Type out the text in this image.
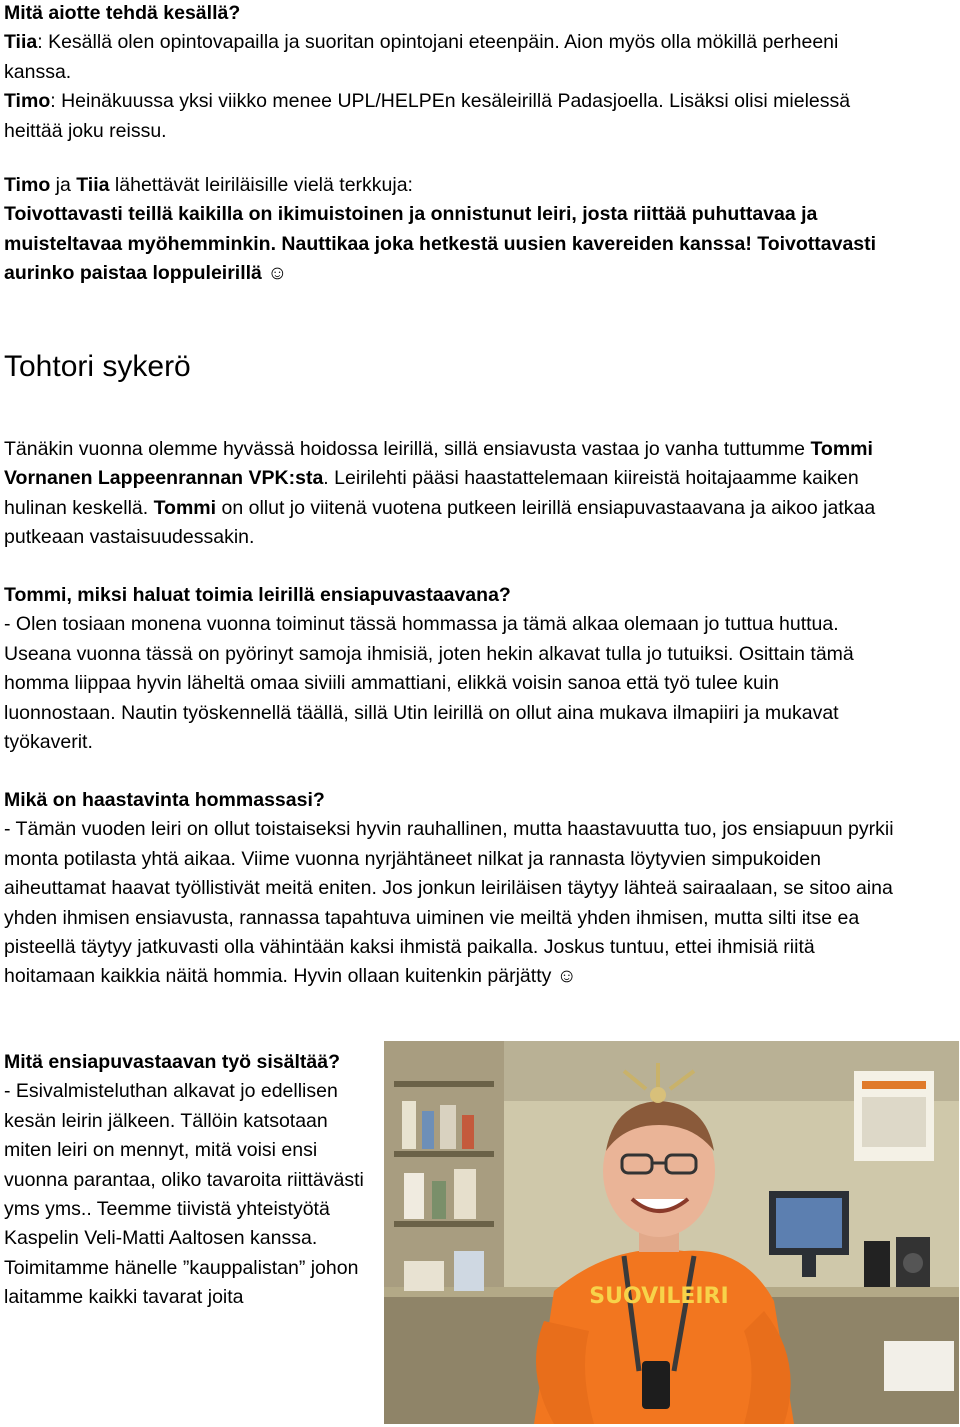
Mitä aiotte tehdä kesällä?
Tiia: Kesällä olen opintovapailla ja suoritan opintojani eteenpäin. Aion myös olla mökillä perheeni kanssa.
Timo: Heinäkuussa yksi viikko menee UPL/HELPEn kesäleirillä Padasjoella. Lisäksi olisi mielessä heittää joku reissu.

Timo ja Tiia lähettävät leiriläisille vielä terkkuja:
Toivottavasti teillä kaikilla on ikimuistoinen ja onnistunut leiri, josta riittää puhuttavaa ja muisteltavaa myöhemminkin. Nauttikaa joka hetkestä uusien kavereiden kanssa! Toivottavasti aurinko paistaa loppuleirillä ☺

Tohtori sykerö

Tänäkin vuonna olemme hyvässä hoidossa leirillä, sillä ensiavusta vastaa jo vanha tuttumme Tommi Vornanen Lappeenrannan VPK:sta. Leirilehti pääsi haastattelemaan kiireistä hoitajaamme kaiken hulinan keskellä. Tommi on ollut jo viitenä vuotena putkeen leirillä ensiapuvastaavana ja aikoo jatkaa putkeaan vastaisuudessakin.

Tommi, miksi haluat toimia leirillä ensiapuvastaavana?
- Olen tosiaan monena vuonna toiminut tässä hommassa ja tämä alkaa olemaan jo tuttua huttua. Useana vuonna tässä on pyörinyt samoja ihmisiä, joten hekin alkavat tulla jo tutuiksi. Osittain tämä homma liippaa hyvin läheltä omaa siviili ammattiani, elikkä voisin sanoa että työ tulee kuin luonnostaan. Nautin työskennellä täällä, sillä Utin leirillä on ollut aina mukava ilmapiiri ja mukavat työkaverit.

Mikä on haastavinta hommassasi?
- Tämän vuoden leiri on ollut toistaiseksi hyvin rauhallinen, mutta haastavuutta tuo, jos ensiapuun pyrkii monta potilasta yhtä aikaa. Viime vuonna nyrjähtäneet nilkat ja rannasta löytyvien simpukoiden aiheuttamat haavat työllistivät meitä eniten. Jos jonkun leiriläisen täytyy lähteä sairaalaan, se sitoo aina yhden ihmisen ensiavusta, rannassa tapahtuva uiminen vie meiltä yhden ihmisen, mutta silti itse ea pisteellä täytyy jatkuvasti olla vähintään kaksi ihmistä paikalla. Joskus tuntuu, ettei ihmisiä riitä hoitamaan kaikkia näitä hommia. Hyvin ollaan kuitenkin pärjätty ☺

Mitä ensiapuvastaavan työ sisältää?
- Esivalmisteluthan alkavat jo edellisen kesän leirin jälkeen. Tällöin katsotaan miten leiri on mennyt, mitä voisi ensi vuonna parantaa, oliko tavaroita riittävästi yms yms.. Teemme tiivistä yhteistyötä Kaspelin Veli-Matti Aaltosen kanssa. Toimitamme hänelle ”kauppalistan” johon laitamme kaikki tavarat joita	SUOVILEIRI
